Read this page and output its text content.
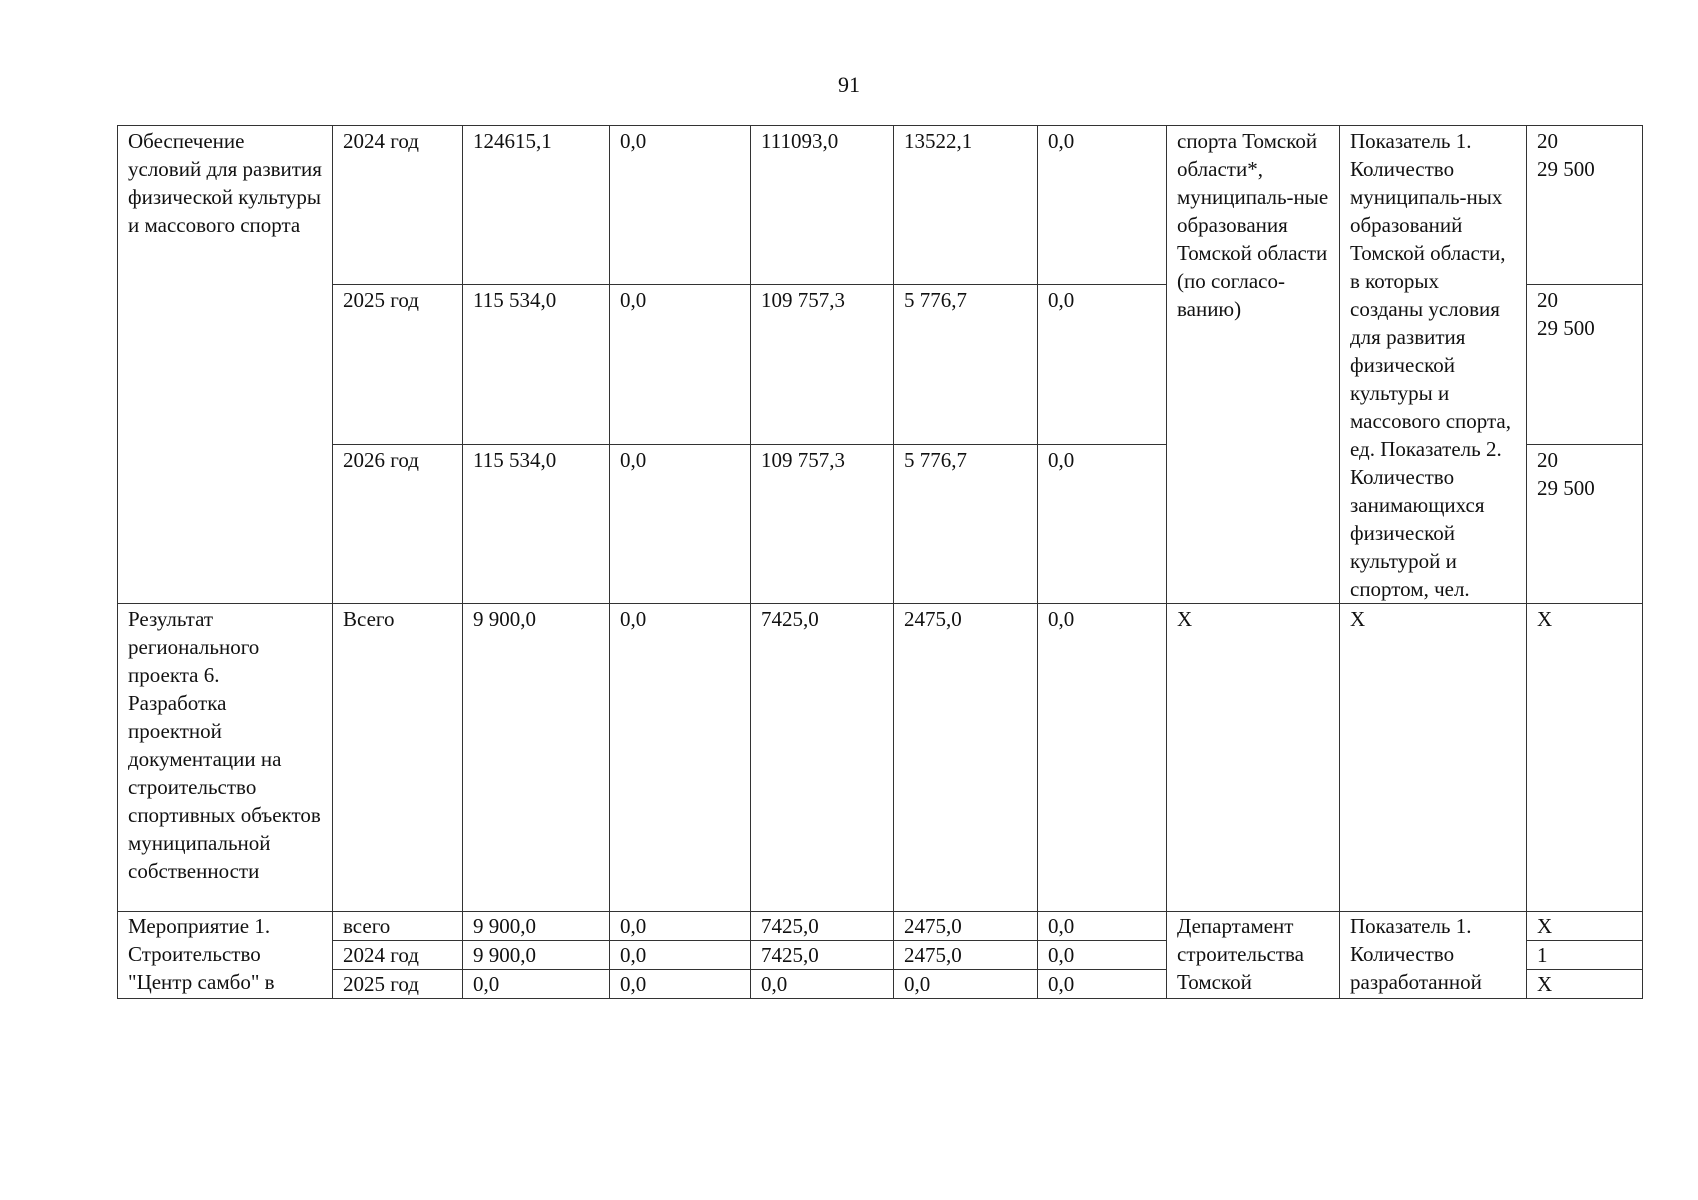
91
Обеспечение условий для развития физической культуры и массового спорта	2024 год	124615,1	0,0	111093,0	13522,1	0,0	спорта Томской области*, муниципаль-ные образования Томской области (по согласо-ванию)	Показатель 1. Количество муниципаль-ных образований Томской области, в которых созданы условия для развития физической культуры и массового спорта, ед. Показатель 2. Количество занимающихся физической культурой и спортом, чел.	20
29 500
	2025 год	115 534,0	0,0	109 757,3	5 776,7	0,0			20
29 500
	2026 год	115 534,0	0,0	109 757,3	5 776,7	0,0			20
29 500
Результат регионального проекта 6. Разработка проектной документации на строительство спортивных объектов муниципальной собственности	Всего	9 900,0	0,0	7425,0	2475,0	0,0	Х	Х	Х
Мероприятие 1. Строительство "Центр самбо" в	всего	9 900,0	0,0	7425,0	2475,0	0,0	Департамент строительства Томской	Показатель 1. Количество разработанной	Х
	2024 год	9 900,0	0,0	7425,0	2475,0	0,0			1
	2025 год	0,0	0,0	0,0	0,0	0,0			Х
